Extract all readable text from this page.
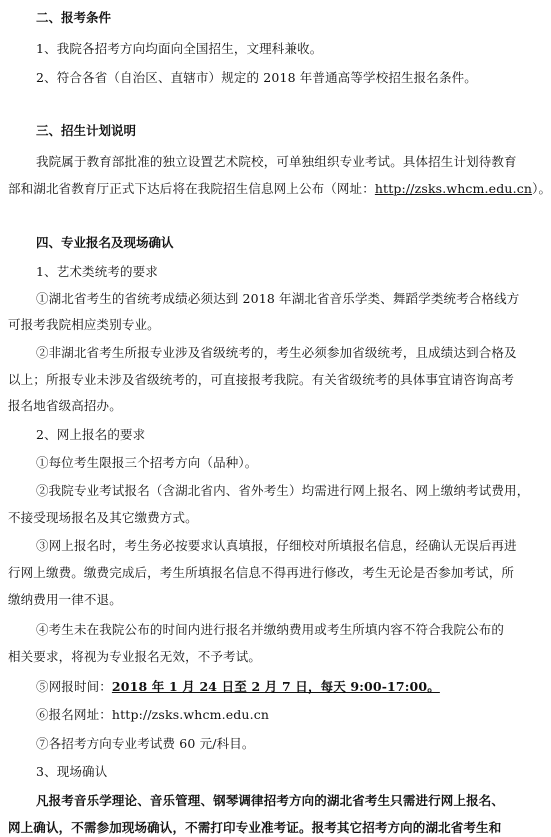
二、报考条件
1、我院各招考方向均面向全国招生，文理科兼收。
2、符合各省（自治区、直辖市）规定的 2018 年普通高等学校招生报名条件。
三、招生计划说明
我院属于教育部批准的独立设置艺术院校，可单独组织专业考试。具体招生计划待教育
部和湖北省教育厅正式下达后将在我院招生信息网上公布（网址：http://zsks.whcm.edu.cn）。
四、专业报名及现场确认
1、艺术类统考的要求
①湖北省考生的省统考成绩必须达到 2018 年湖北省音乐学类、舞蹈学类统考合格线方
可报考我院相应类别专业。
②非湖北省考生所报专业涉及省级统考的，考生必须参加省级统考，且成绩达到合格及
以上；所报专业未涉及省级统考的，可直接报考我院。有关省级统考的具体事宜请咨询高考
报名地省级高招办。
2、网上报名的要求
①每位考生限报三个招考方向（品种）。
②我院专业考试报名（含湖北省内、省外考生）均需进行网上报名、网上缴纳考试费用，
不接受现场报名及其它缴费方式。
③网上报名时，考生务必按要求认真填报，仔细校对所填报名信息，经确认无误后再进
行网上缴费。缴费完成后，考生所填报名信息不得再进行修改，考生无论是否参加考试，所
缴纳费用一律不退。
④考生未在我院公布的时间内进行报名并缴纳费用或考生所填内容不符合我院公布的
相关要求，将视为专业报名无效，不予考试。
⑤网报时间：2018 年 1 月 24 日至 2 月 7 日，每天 9:00-17:00。
⑥报名网址：http://zsks.whcm.edu.cn
⑦各招考方向专业考试费 60 元/科目。
3、现场确认
凡报考音乐学理论、音乐管理、钢琴调律招考方向的湖北省考生只需进行网上报名、
网上确认，不需参加现场确认，不需打印专业准考证。报考其它招考方向的湖北省考生和
